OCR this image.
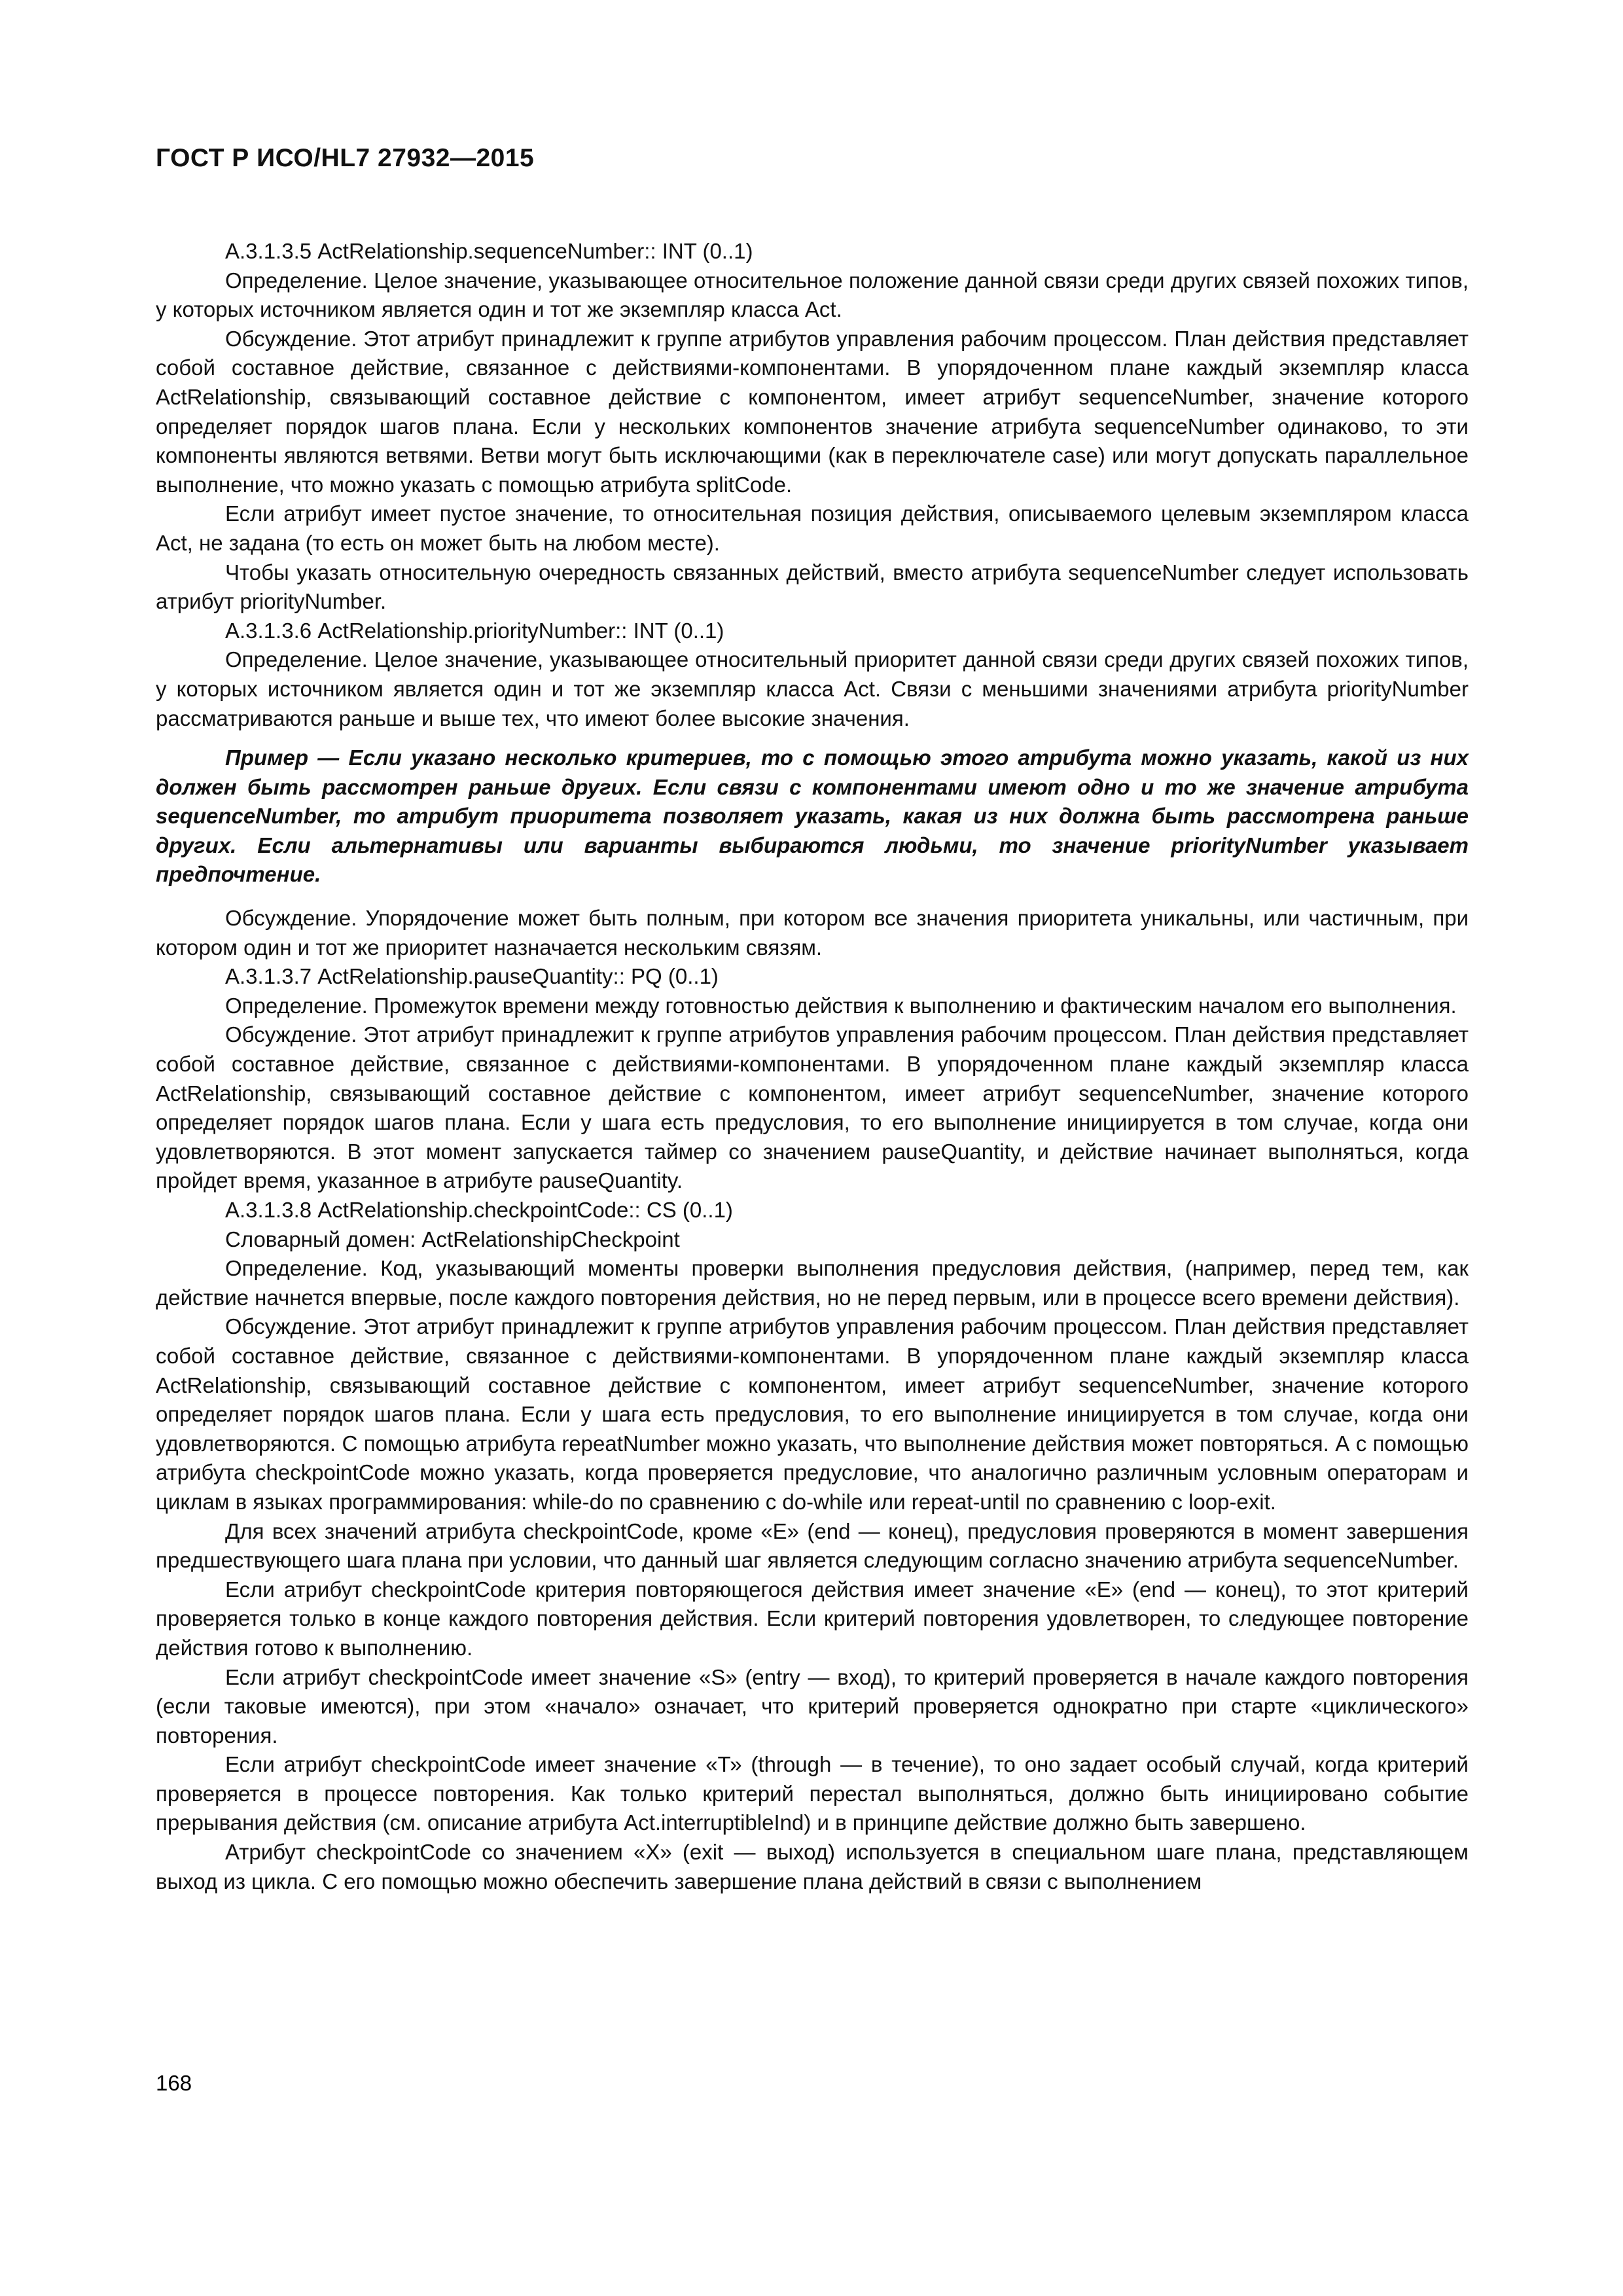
ГОСТ Р ИСО/HL7 27932—2015

А.3.1.3.5 ActRelationship.sequenceNumber:: INT (0..1)

Определение. Целое значение, указывающее относительное положение данной связи среди других связей похожих типов, у которых источником является один и тот же экземпляр класса Act.

Обсуждение. Этот атрибут принадлежит к группе атрибутов управления рабочим процессом. План действия представляет собой составное действие, связанное с действиями-компонентами. В упорядоченном плане каждый экземпляр класса ActRelationship, связывающий составное действие с компонентом, имеет атрибут sequenceNumber, значение которого определяет порядок шагов плана. Если у нескольких компонентов значение атрибута sequenceNumber одинаково, то эти компоненты являются ветвями. Ветви могут быть исключающими (как в переключателе case) или могут допускать параллельное выполнение, что можно указать с помощью атрибута splitCode.

Если атрибут имеет пустое значение, то относительная позиция действия, описываемого целевым экземпляром класса Act, не задана (то есть он может быть на любом месте).

Чтобы указать относительную очередность связанных действий, вместо атрибута sequenceNumber следует использовать атрибут priorityNumber.

А.3.1.3.6 ActRelationship.priorityNumber:: INT (0..1)

Определение. Целое значение, указывающее относительный приоритет данной связи среди других связей похожих типов, у которых источником является один и тот же экземпляр класса Act. Связи с меньшими значениями атрибута priorityNumber рассматриваются раньше и выше тех, что имеют более высокие значения.

Пример — Если указано несколько критериев, то с помощью этого атрибута можно указать, какой из них должен быть рассмотрен раньше других. Если связи с компонентами имеют одно и то же значение атрибута sequenceNumber, то атрибут приоритета позволяет указать, какая из них должна быть рассмотрена раньше других. Если альтернативы или варианты выбираются людьми, то значение priorityNumber указывает предпочтение.

Обсуждение. Упорядочение может быть полным, при котором все значения приоритета уникальны, или частичным, при котором один и тот же приоритет назначается нескольким связям.

А.3.1.3.7 ActRelationship.pauseQuantity:: PQ (0..1)

Определение. Промежуток времени между готовностью действия к выполнению и фактическим началом его выполнения.

Обсуждение. Этот атрибут принадлежит к группе атрибутов управления рабочим процессом. План действия представляет собой составное действие, связанное с действиями-компонентами. В упорядоченном плане каждый экземпляр класса ActRelationship, связывающий составное действие с компонентом, имеет атрибут sequenceNumber, значение которого определяет порядок шагов плана. Если у шага есть предусловия, то его выполнение инициируется в том случае, когда они удовлетворяются. В этот момент запускается таймер со значением pauseQuantity, и действие начинает выполняться, когда пройдет время, указанное в атрибуте pauseQuantity.

А.3.1.3.8 ActRelationship.checkpointCode:: CS (0..1)

Словарный домен: ActRelationshipCheckpoint

Определение. Код, указывающий моменты проверки выполнения предусловия действия, (например, перед тем, как действие начнется впервые, после каждого повторения действия, но не перед первым, или в процессе всего времени действия).

Обсуждение. Этот атрибут принадлежит к группе атрибутов управления рабочим процессом. План действия представляет собой составное действие, связанное с действиями-компонентами. В упорядоченном плане каждый экземпляр класса ActRelationship, связывающий составное действие с компонентом, имеет атрибут sequenceNumber, значение которого определяет порядок шагов плана. Если у шага есть предусловия, то его выполнение инициируется в том случае, когда они удовлетворяются. С помощью атрибута repeatNumber можно указать, что выполнение действия может повторяться. А с помощью атрибута checkpointCode можно указать, когда проверяется предусловие, что аналогично различным условным операторам и циклам в языках программирования: while-do по сравнению с do-while или repeat-until по сравнению с loop-exit.

Для всех значений атрибута checkpointCode, кроме «Е» (end — конец), предусловия проверяются в момент завершения предшествующего шага плана при условии, что данный шаг является следующим согласно значению атрибута sequenceNumber.

Если атрибут checkpointCode критерия повторяющегося действия имеет значение «Е» (end — конец), то этот критерий проверяется только в конце каждого повторения действия. Если критерий повторения удовлетворен, то следующее повторение действия готово к выполнению.

Если атрибут checkpointCode имеет значение «S» (entry — вход), то критерий проверяется в начале каждого повторения (если таковые имеются), при этом «начало» означает, что критерий проверяется однократно при старте «циклического» повторения.

Если атрибут checkpointCode имеет значение «Т» (through — в течение), то оно задает особый случай, когда критерий проверяется в процессе повторения. Как только критерий перестал выполняться, должно быть инициировано событие прерывания действия (см. описание атрибута Act.interruptibleInd) и в принципе действие должно быть завершено.

Атрибут checkpointCode со значением «X» (exit — выход) используется в специальном шаге плана, представляющем выход из цикла. С его помощью можно обеспечить завершение плана действий в связи с выполнением

168
